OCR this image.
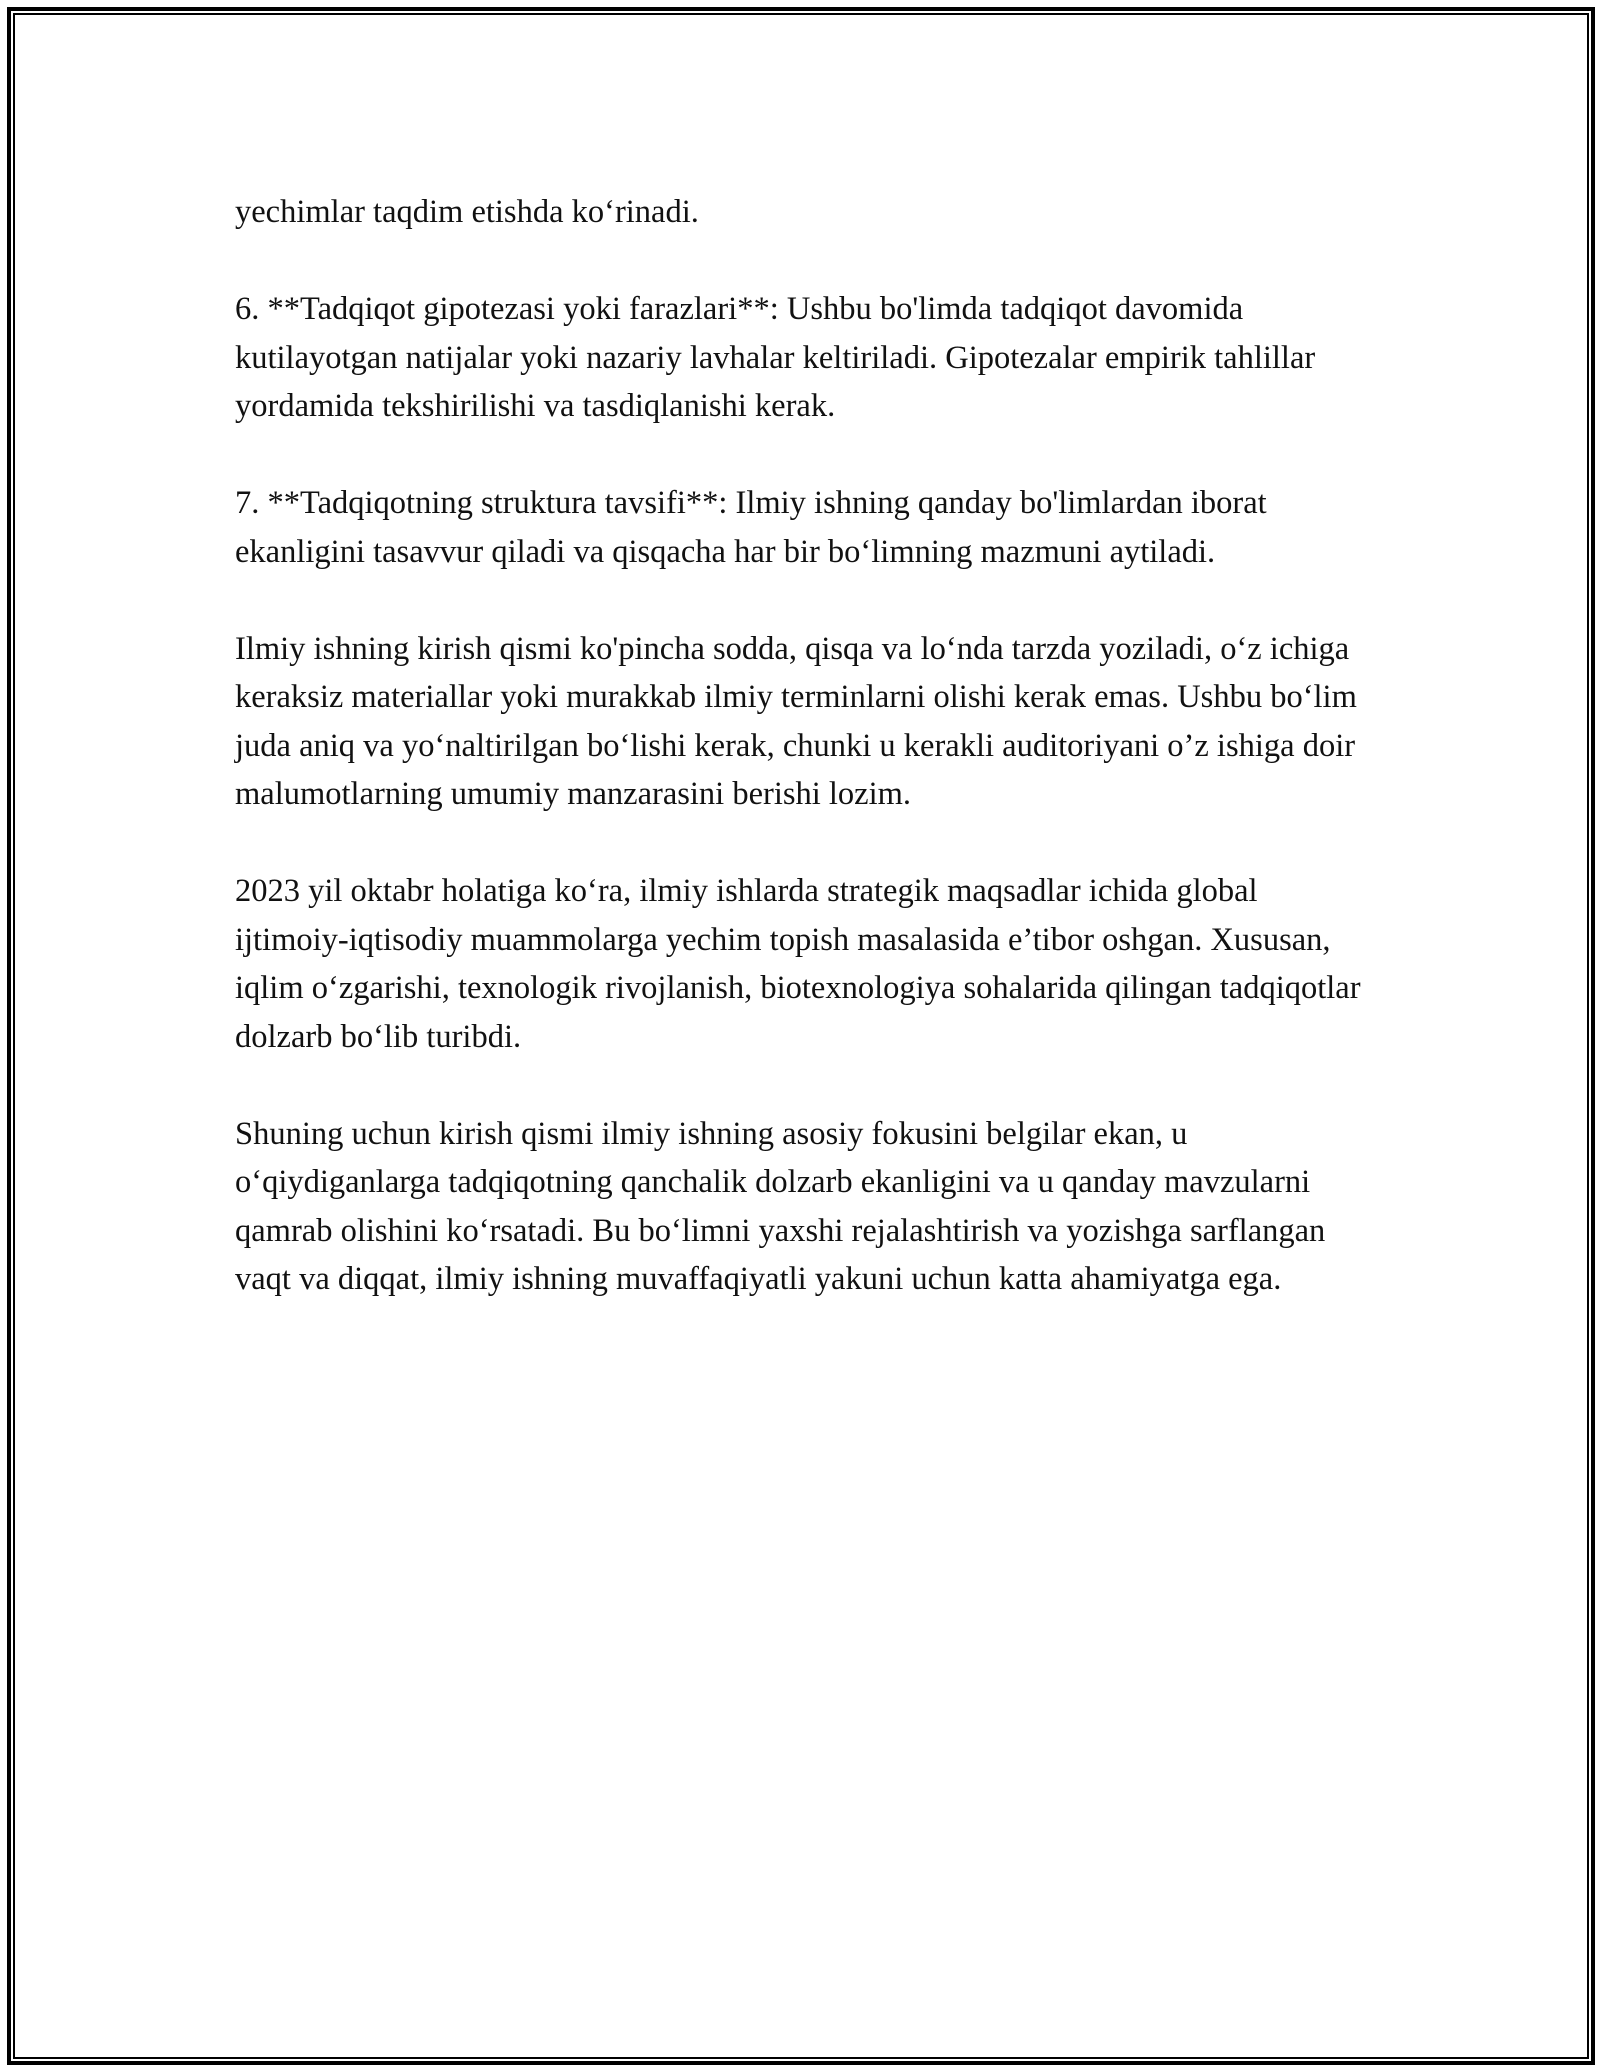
yechimlar taqdim etishda ko‘rinadi.

6. **Tadqiqot gipotezasi yoki farazlari**: Ushbu bo'limda tadqiqot davomida kutilayotgan natijalar yoki nazariy lavhalar keltiriladi. Gipotezalar empirik tahlillar yordamida tekshirilishi va tasdiqlanishi kerak.

7. **Tadqiqotning struktura tavsifi**: Ilmiy ishning qanday bo'limlardan iborat ekanligini tasavvur qiladi va qisqacha har bir bo‘limning mazmuni aytiladi.

Ilmiy ishning kirish qismi ko'pincha sodda, qisqa va lo‘nda tarzda yoziladi, o‘z ichiga keraksiz materiallar yoki murakkab ilmiy terminlarni olishi kerak emas. Ushbu bo‘lim juda aniq va yo‘naltirilgan bo‘lishi kerak, chunki u kerakli auditoriyani o’z ishiga doir malumotlarning umumiy manzarasini berishi lozim.

2023 yil oktabr holatiga ko‘ra, ilmiy ishlarda strategik maqsadlar ichida global ijtimoiy-iqtisodiy muammolarga yechim topish masalasida e’tibor oshgan. Xususan, iqlim o‘zgarishi, texnologik rivojlanish, biotexnologiya sohalarida qilingan tadqiqotlar dolzarb bo‘lib turibdi.

Shuning uchun kirish qismi ilmiy ishning asosiy fokusini belgilar ekan, u o‘qiydiganlarga tadqiqotning qanchalik dolzarb ekanligini va u qanday mavzularni qamrab olishini ko‘rsatadi. Bu bo‘limni yaxshi rejalashtirish va yozishga sarflangan vaqt va diqqat, ilmiy ishning muvaffaqiyatli yakuni uchun katta ahamiyatga ega.
